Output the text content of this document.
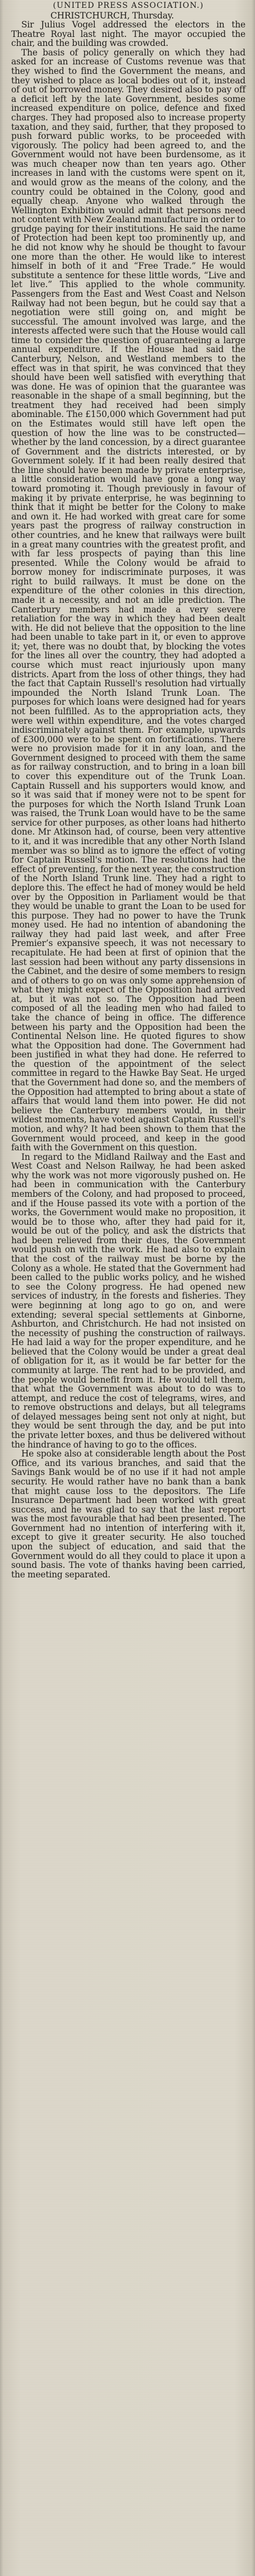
(UNITED PRESS ASSOCIATION.)

CHRISTCHURCH, Thursday.

Sir Julius Vogel addressed the electors in the Theatre Royal last night. The mayor occupied the chair, and the building was crowded.

The basis of policy generally on which they had asked for an increase of Customs revenue was that they wished to find the Government the means, and they wished to place as local bodies out of it, instead of out of borrowed money. They desired also to pay off a deficit left by the late Government, besides some increased expenditure on police, defence and fixed charges. They had proposed also to increase property taxation, and they said, further, that they proposed to push forward public works, to be proceeded with vigorously. The policy had been agreed to, and the Government would not have been burdensome, as it was much cheaper now than ten years ago. Other increases in land with the customs were spent on it, and would grow as the means of the colony, and the country could be obtained in the Colony, good and equally cheap. Anyone who walked through the Wellington Exhibition would admit that persons need not content with New Zealand manufacture in order to grudge paying for their institutions. He said the name of Protection had been kept too prominently up, and he did not know why he should be thought to favour one more than the other. He would like to interest himself in both of it and “Free Trade.” He would substitute a sentence for these little words, “Live and let live.” This applied to the whole community. Passengers from the East and West Coast and Nelson Railway had not been begun, but he could say that a negotiation were still going on, and might be successful. The amount involved was large, and the interests affected were such that the House would call time to consider the question of guaranteeing a large annual expenditure. If the House had said the Canterbury, Nelson, and Westland members to the effect was in that spirit, he was convinced that they should have been well satisfied with everything that was done. He was of opinion that the guarantee was reasonable in the shape of a small beginning, but the treatment they had received had been simply abominable. The £150,000 which Government had put on the Estimates would still have left open the question of how the line was to be constructed—whether by the land concession, by a direct guarantee of Government and the districts interested, or by Government solely. If it had been really desired that the line should have been made by private enterprise, a little consideration would have gone a long way toward promoting it. Though previously in favour of making it by private enterprise, he was beginning to think that it might be better for the Colony to make and own it. He had worked with great care for some years past the progress of railway construction in other countries, and he knew that railways were built in a great many countries with the greatest profit, and with far less prospects of paying than this line presented. While the Colony would be afraid to borrow money for indiscriminate purposes, it was right to build railways. It must be done on the expenditure of the other colonies in this direction, made it a necessity, and not an idle prediction. The Canterbury members had made a very severe retaliation for the way in which they had been dealt with. He did not believe that the opposition to the line had been unable to take part in it, or even to approve it; yet, there was no doubt that, by blocking the votes for the lines all over the country, they had adopted a course which must react injuriously upon many districts. Apart from the loss of other things, they had the fact that Captain Russell's resolution had virtually impounded the North Island Trunk Loan. The purposes for which loans were designed had for years not been fulfilled. As to the appropriation acts, they were well within expenditure, and the votes charged indiscriminately against them. For example, upwards of £300,000 were to be spent on fortifications. There were no provision made for it in any loan, and the Government designed to proceed with them the same as for railway construction, and to bring in a loan bill to cover this expenditure out of the Trunk Loan. Captain Russell and his supporters would know, and so it was said that if money were not to be spent for the purposes for which the North Island Trunk Loan was raised, the Trunk Loan would have to be the same service for other purposes, as other loans had hitherto done. Mr Atkinson had, of course, been very attentive to it, and it was incredible that any other North Island member was so blind as to ignore the effect of voting for Captain Russell's motion. The resolutions had the effect of preventing, for the next year, the construction of the North Island Trunk line. They had a right to deplore this. The effect he had of money would be held over by the Opposition in Parliament would be that they would be unable to grant the Loan to be used for this purpose. They had no power to have the Trunk money used. He had no intention of abandoning the railway they had paid last week, and after Free Premier’s expansive speech, it was not necessary to recapitulate. He had been at first of opinion that the last session had been without any party dissensions in the Cabinet, and the desire of some members to resign and of others to go on was only some apprehension of what they might expect of the Opposition had arrived at, but it was not so. The Opposition had been composed of all the leading men who had failed to take the chance of being in office. The difference between his party and the Opposition had been the Continental Nelson line. He quoted figures to show what the Opposition had done. The Government had been justified in what they had done. He referred to the question of the appointment of the select committee in regard to the Hawke Bay Seat. He urged that the Government had done so, and the members of the Opposition had attempted to bring about a state of affairs that would land them into power. He did not believe the Canterbury members would, in their wildest moments, have voted against Captain Russell's motion, and why? It had been shown to them that the Government would proceed, and keep in the good faith with the Government on this question.

In regard to the Midland Railway and the East and West Coast and Nelson Railway, he had been asked why the work was not more vigorously pushed on. He had been in communication with the Canterbury members of the Colony, and had proposed to proceed, and if the House passed its vote with a portion of the works, the Government would make no proposition, it would be to those who, after they had paid for it, would be out of the policy, and ask the districts that had been relieved from their dues, the Government would push on with the work. He had also to explain that the cost of the railway must be borne by the Colony as a whole. He stated that the Government had been called to the public works policy, and he wished to see the Colony progress. He had opened new services of industry, in the forests and fisheries. They were beginning at long ago to go on, and were extending; several special settlements at Ginborne, Ashburton, and Christchurch. He had not insisted on the necessity of pushing the construction of railways. He had laid a way for the proper expenditure, and he believed that the Colony would be under a great deal of obligation for it, as it would be far better for the community at large. The rent had to be provided, and the people would benefit from it. He would tell them, that what the Government was about to do was to attempt, and reduce the cost of telegrams, wires, and to remove obstructions and delays, but all telegrams of delayed messages being sent not only at night, but they would be sent through the day, and be put into the private letter boxes, and thus be delivered without the hindrance of having to go to the offices.

He spoke also at considerable length about the Post Office, and its various branches, and said that the Savings Bank would be of no use if it had not ample security. He would rather have no bank than a bank that might cause loss to the depositors. The Life Insurance Department had been worked with great success, and he was glad to say that the last report was the most favourable that had been presented. The Government had no intention of interfering with it, except to give it greater security. He also touched upon the subject of education, and said that the Government would do all they could to place it upon a sound basis. The vote of thanks having been carried, the meeting separated.
